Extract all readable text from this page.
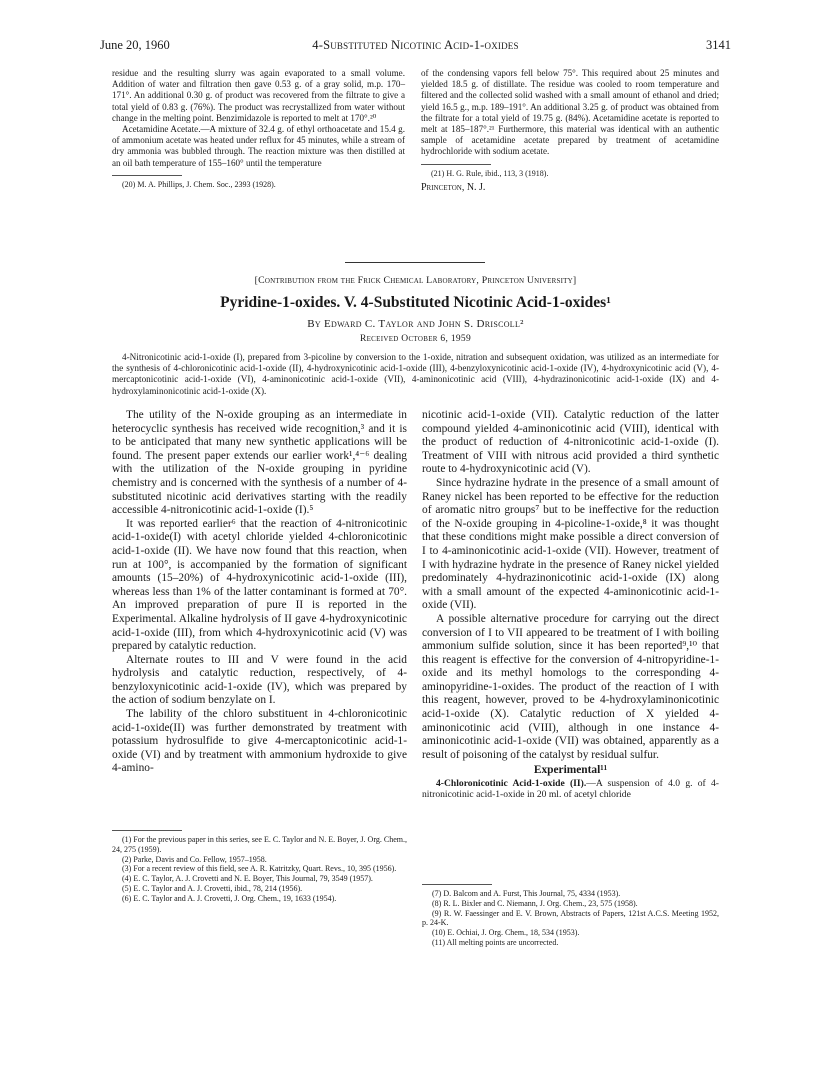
June 20, 1960	4-Substituted Nicotinic Acid-1-oxides	3141

residue and the resulting slurry was again evaporated to a small volume. Addition of water and filtration then gave 0.53 g. of a gray solid, m.p. 170–171°. An additional 0.30 g. of product was recovered from the filtrate to give a total yield of 0.83 g. (76%). The product was recrystallized from water without change in the melting point. Benzimidazole is reported to melt at 170°.²⁰

Acetamidine Acetate.—A mixture of 32.4 g. of ethyl orthoacetate and 15.4 g. of ammonium acetate was heated under reflux for 45 minutes, while a stream of dry ammonia was bubbled through. The reaction mixture was then distilled at an oil bath temperature of 155–160° until the temperature

(20) M. A. Phillips, J. Chem. Soc., 2393 (1928).

of the condensing vapors fell below 75°. This required about 25 minutes and yielded 18.5 g. of distillate. The residue was cooled to room temperature and filtered and the collected solid washed with a small amount of ethanol and dried; yield 16.5 g., m.p. 189–191°. An additional 3.25 g. of product was obtained from the filtrate for a total yield of 19.75 g. (84%). Acetamidine acetate is reported to melt at 185–187°.²¹ Furthermore, this material was identical with an authentic sample of acetamidine acetate prepared by treatment of acetamidine hydrochloride with sodium acetate.

(21) H. G. Rule, ibid., 113, 3 (1918).

Princeton, N. J.

[Contribution from the Frick Chemical Laboratory, Princeton University]
Pyridine-1-oxides. V. 4-Substituted Nicotinic Acid-1-oxides¹
By Edward C. Taylor and John S. Driscoll²
Received October 6, 1959
4-Nitronicotinic acid-1-oxide (I), prepared from 3-picoline by conversion to the 1-oxide, nitration and subsequent oxidation, was utilized as an intermediate for the synthesis of 4-chloronicotinic acid-1-oxide (II), 4-hydroxynicotinic acid-1-oxide (III), 4-benzyloxynicotinic acid-1-oxide (IV), 4-hydroxynicotinic acid (V), 4-mercaptonicotinic acid-1-oxide (VI), 4-aminonicotinic acid-1-oxide (VII), 4-aminonicotinic acid (VIII), 4-hydrazinonicotinic acid-1-oxide (IX) and 4-hydroxylaminonicotinic acid-1-oxide (X).

The utility of the N-oxide grouping as an intermediate in heterocyclic synthesis has received wide recognition,³ and it is to be anticipated that many new synthetic applications will be found. The present paper extends our earlier work¹,⁴⁻⁶ dealing with the utilization of the N-oxide grouping in pyridine chemistry and is concerned with the synthesis of a number of 4-substituted nicotinic acid derivatives starting with the readily accessible 4-nitronicotinic acid-1-oxide (I).⁵

It was reported earlier⁶ that the reaction of 4-nitronicotinic acid-1-oxide(I) with acetyl chloride yielded 4-chloronicotinic acid-1-oxide (II). We have now found that this reaction, when run at 100°, is accompanied by the formation of significant amounts (15–20%) of 4-hydroxynicotinic acid-1-oxide (III), whereas less than 1% of the latter contaminant is formed at 70°. An improved preparation of pure II is reported in the Experimental. Alkaline hydrolysis of II gave 4-hydroxynicotinic acid-1-oxide (III), from which 4-hydroxynicotinic acid (V) was prepared by catalytic reduction.

Alternate routes to III and V were found in the acid hydrolysis and catalytic reduction, respectively, of 4-benzyloxynicotinic acid-1-oxide (IV), which was prepared by the action of sodium benzylate on I.

The lability of the chloro substituent in 4-chloronicotinic acid-1-oxide(II) was further demonstrated by treatment with potassium hydrosulfide to give 4-mercaptonicotinic acid-1-oxide (VI) and by treatment with ammonium hydroxide to give 4-amino-

nicotinic acid-1-oxide (VII). Catalytic reduction of the latter compound yielded 4-aminonicotinic acid (VIII), identical with the product of reduction of 4-nitronicotinic acid-1-oxide (I). Treatment of VIII with nitrous acid provided a third synthetic route to 4-hydroxynicotinic acid (V).

Since hydrazine hydrate in the presence of a small amount of Raney nickel has been reported to be effective for the reduction of aromatic nitro groups⁷ but to be ineffective for the reduction of the N-oxide grouping in 4-picoline-1-oxide,⁸ it was thought that these conditions might make possible a direct conversion of I to 4-aminonicotinic acid-1-oxide (VII). However, treatment of I with hydrazine hydrate in the presence of Raney nickel yielded predominately 4-hydrazinonicotinic acid-1-oxide (IX) along with a small amount of the expected 4-aminonicotinic acid-1-oxide (VII).

A possible alternative procedure for carrying out the direct conversion of I to VII appeared to be treatment of I with boiling ammonium sulfide solution, since it has been reported⁹,¹⁰ that this reagent is effective for the conversion of 4-nitropyridine-1-oxide and its methyl homologs to the corresponding 4-aminopyridine-1-oxides. The product of the reaction of I with this reagent, however, proved to be 4-hydroxylaminonicotinic acid-1-oxide (X). Catalytic reduction of X yielded 4-aminonicotinic acid (VIII), although in one instance 4-aminonicotinic acid-1-oxide (VII) was obtained, apparently as a result of poisoning of the catalyst by residual sulfur.

Experimental¹¹

4-Chloronicotinic Acid-1-oxide (II).—A suspension of 4.0 g. of 4-nitronicotinic acid-1-oxide in 20 ml. of acetyl chloride

(1) For the previous paper in this series, see E. C. Taylor and N. E. Boyer, J. Org. Chem., 24, 275 (1959).

(2) Parke, Davis and Co. Fellow, 1957–1958.

(3) For a recent review of this field, see A. R. Katritzky, Quart. Revs., 10, 395 (1956).

(4) E. C. Taylor, A. J. Crovetti and N. E. Boyer, This Journal, 79, 3549 (1957).

(5) E. C. Taylor and A. J. Crovetti, ibid., 78, 214 (1956).

(6) E. C. Taylor and A. J. Crovetti, J. Org. Chem., 19, 1633 (1954).

(7) D. Balcom and A. Furst, This Journal, 75, 4334 (1953).

(8) R. L. Bixler and C. Niemann, J. Org. Chem., 23, 575 (1958).

(9) R. W. Faessinger and E. V. Brown, Abstracts of Papers, 121st A.C.S. Meeting 1952, p. 24-K.

(10) E. Ochiai, J. Org. Chem., 18, 534 (1953).

(11) All melting points are uncorrected.
